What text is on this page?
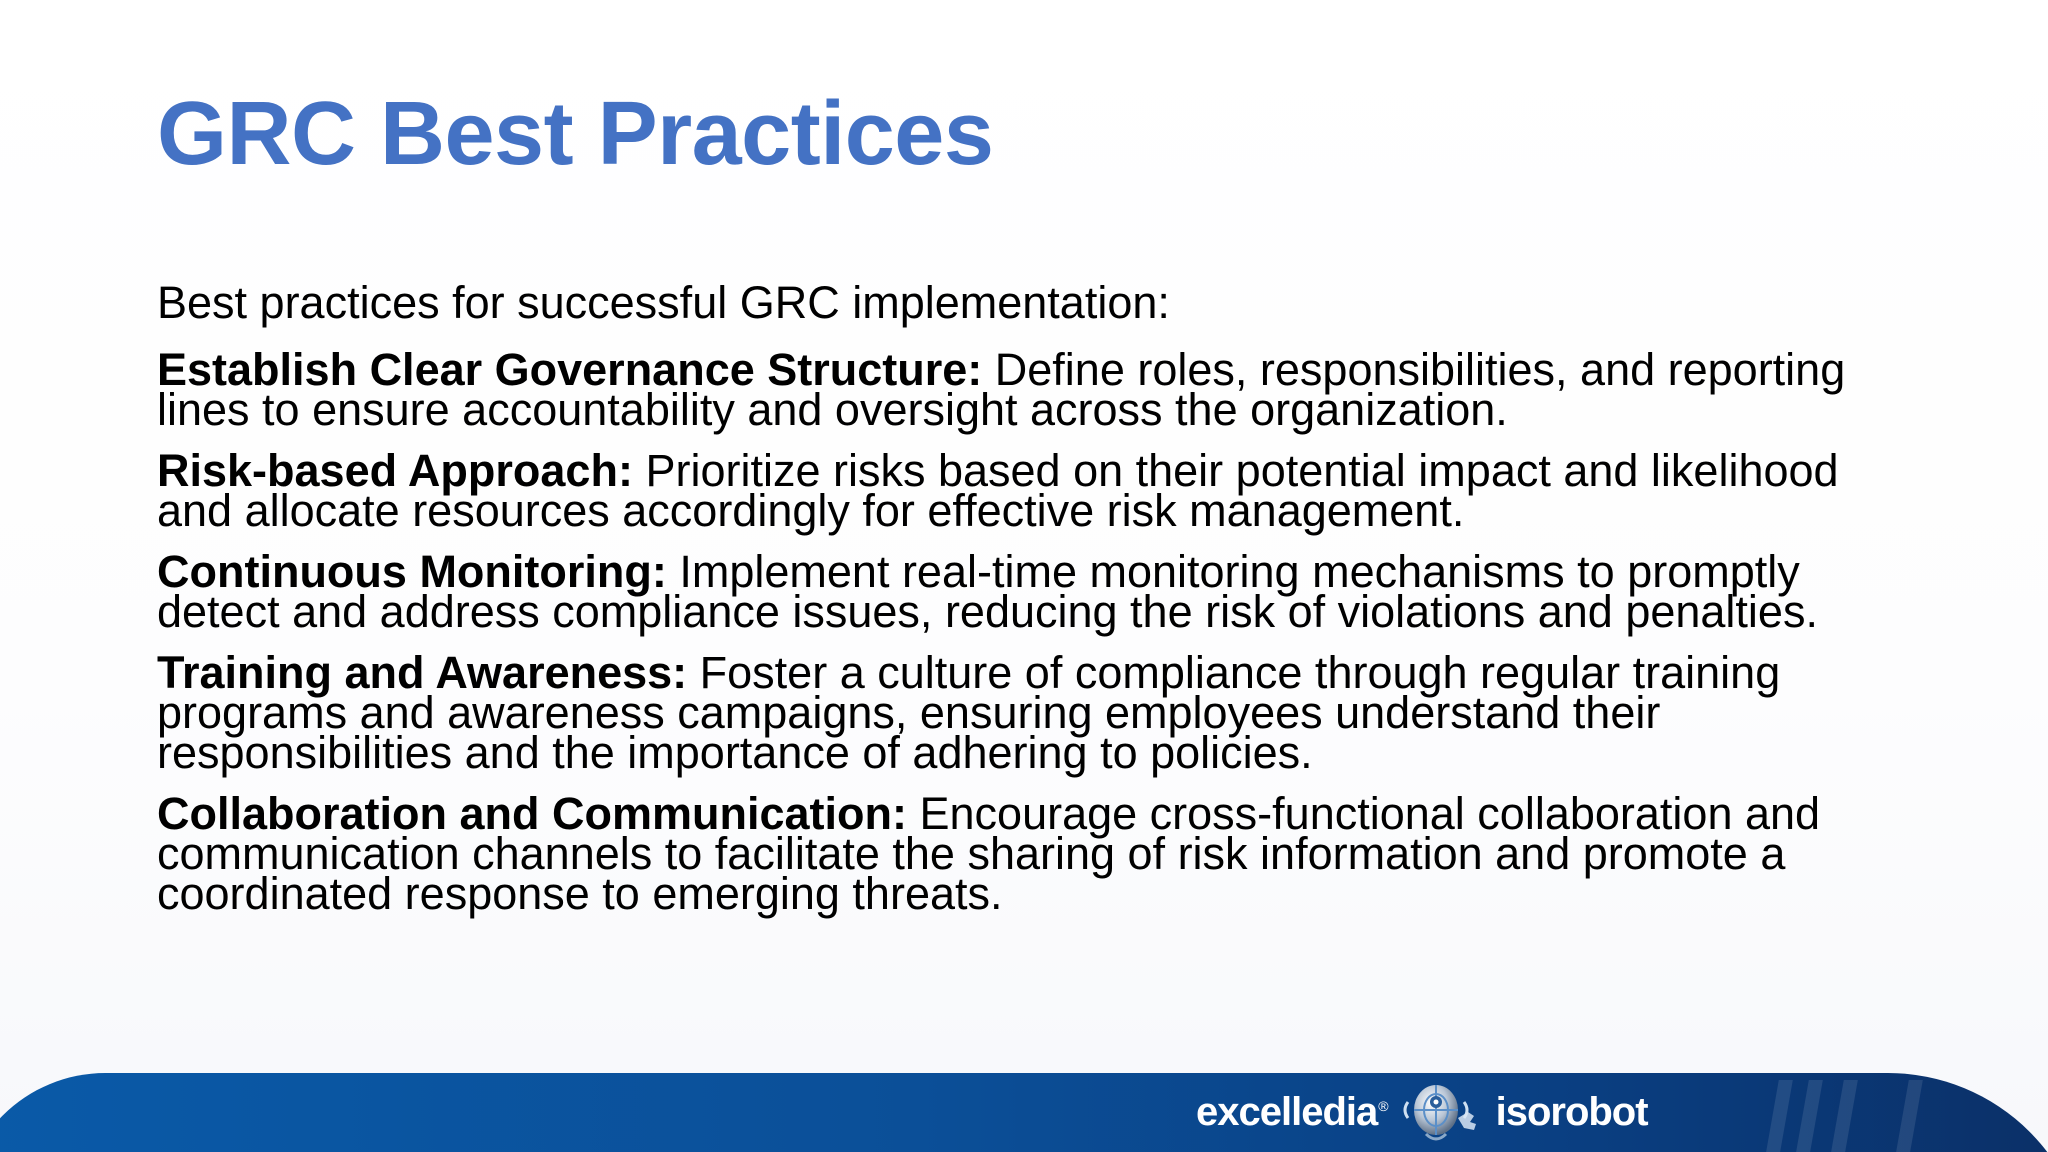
GRC Best Practices

Best practices for successful GRC implementation:

Establish Clear Governance Structure: Define roles, responsibilities, and reporting lines to ensure accountability and oversight across the organization.

Risk-based Approach: Prioritize risks based on their potential impact and likelihood and allocate resources accordingly for effective risk management.

Continuous Monitoring: Implement real-time monitoring mechanisms to promptly detect and address compliance issues, reducing the risk of violations and penalties.

Training and Awareness: Foster a culture of compliance through regular training programs and awareness campaigns, ensuring employees understand their responsibilities and the importance of adhering to policies.

Collaboration and Communication: Encourage cross-functional collaboration and communication channels to facilitate the sharing of risk information and promote a coordinated response to emerging threats.

excelledia®	isorobot
